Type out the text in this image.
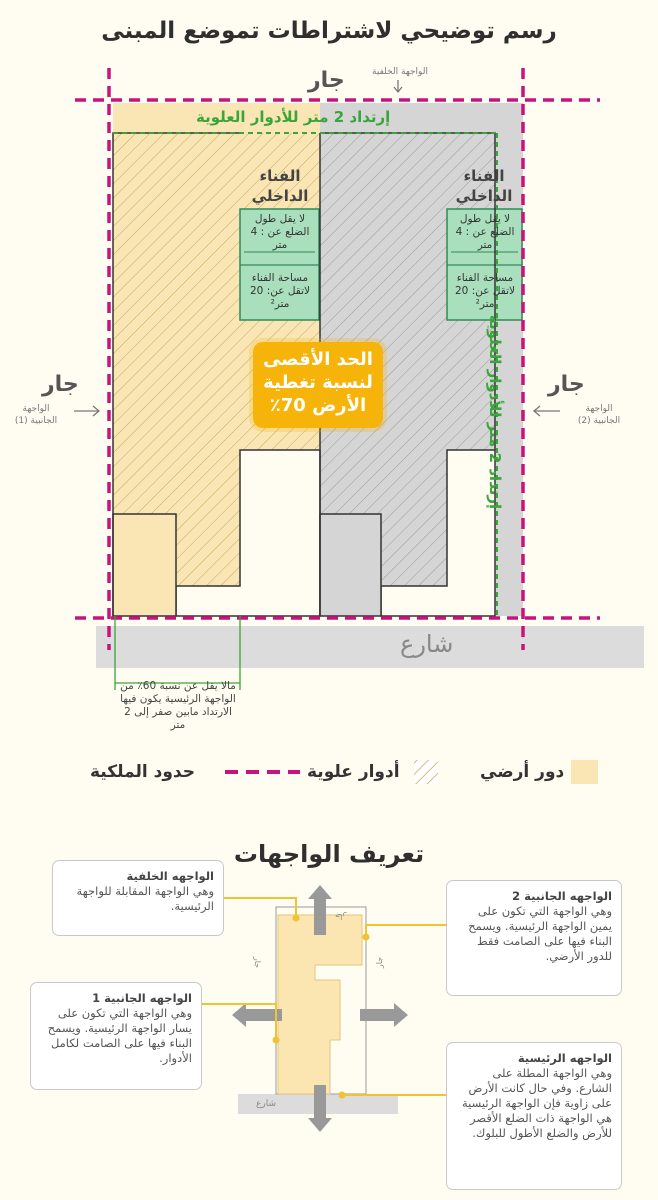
رسم توضيحي لاشتراطات تموضع المبنى
جار	الواجهة الخلفية
جار	جار
الواجهة الجانبية (1)
الواجهة الجانبية (2)
إرتداد 2 متر للأدوار العلوية
إرتداد 2 متر للأدوار العلوية
الفناء الداخلي
الفناء الداخلي
لا يقل طول الضلع عن : 4 متر
مساحة الفناء لاتقل عن: 20 متر²
لا يقل طول الضلع عن : 4 متر
مساحة الفناء لاتقل عن: 20 متر²
الحد الأقصى لنسبة تغطية الأرض 70٪
شارع
مالا يقل عن نسبة 60٪ من الواجهة الرئيسية يكون فيها الارتداد مابين صفر إلى 2 متر
دور أرضي
أدوار علوية
حدود الملكية
تعريف الواجهات
جار
جار	جار
شارع
الواجهه الخلفية
وهي الواجهة المقابلة للواجهة الرئيسية.
الواجهه الجانبية 1
وهي الواجهة التي تكون على يسار الواجهة الرئيسية. ويسمح البناء فيها على الصامت لكامل الأدوار.
الواجهه الجانبية 2
وهي الواجهة التي تكون على يمين الواجهة الرئيسية. ويسمح البناء فيها على الصامت فقط للدور الأرضي.
الواجهه الرئيسية
وهي الواجهة المطلة على الشارع. وفي حال كانت الأرض على زاوية فإن الواجهة الرئيسية هي الواجهة ذات الضلع الأقصر للأرض والضلع الأطول للبلوك.
